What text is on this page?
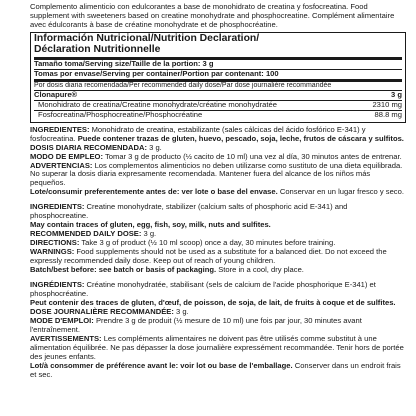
Complemento alimenticio con edulcorantes a base de monohidrato de creatina y fosfocreatina. Food supplement with sweeteners based on creatine monohydrate and phosphocreatine. Complément alimentaire avec édulcorants à base de créatine monohydrate et de phosphocréatine.

Información Nutricional/Nutrition Declaration/
Déclaration Nutritionnelle
Tamaño toma/Serving size/Taille de la portion: 3 g
Tomas por envase/Serving per container/Portion par contenant: 100
Por dosis diaria recomendada/Per recommended daily dose/Par dose journalière recommandée
Clonapure®	3 g
Monohidrato de creatina/Creatine monohydrate/créatine monohydratée	2310 mg
Fosfocreatina/Phosphocreatine/Phosphocréatine	88.8 mg

INGREDIENTES: Monohidrato de creatina, estabilizante (sales cálcicas del ácido fosfórico E-341) y fosfocreatina. Puede contener trazas de gluten, huevo, pescado, soja, leche, frutos de cáscara y sulfitos.

DOSIS DIARIA RECOMENDADA: 3 g.

MODO DE EMPLEO: Tomar 3 g de producto (½ cacito de 10 ml) una vez al día, 30 minutos antes de entrenar.

ADVERTENCIAS: Los complementos alimenticios no deben utilizarse como sustituto de una dieta equilibrada. No superar la dosis diaria expresamente recomendada. Mantener fuera del alcance de los niños más pequeños.

Lote/consumir preferentemente antes de: ver lote o base del envase. Conservar en un lugar fresco y seco.

INGREDIENTS: Creatine monohydrate, stabilizer (calcium salts of phosphoric acid E-341) and phosphocreatine.

May contain traces of gluten, egg, fish, soy, milk, nuts and sulfites.

RECOMMENDED DAILY DOSE: 3 g.

DIRECTIONS: Take 3 g of product (½ 10 ml scoop) once a day, 30 minutes before training.

WARNINGS: Food supplements should not be used as a substitute for a balanced diet. Do not exceed the expressly recommended daily dose. Keep out of reach of young children.

Batch/best before: see batch or basis of packaging. Store in a cool, dry place.

INGRÉDIENTS: Créatine monohydratée, stabilisant (sels de calcium de l'acide phosphorique E-341) et phosphocréatine.

Peut contenir des traces de gluten, d'œuf, de poisson, de soja, de lait, de fruits à coque et de sulfites.

DOSE JOURNALIÈRE RECOMMANDÉE: 3 g.

MODE D'EMPLOI: Prendre 3 g de produit (½ mesure de 10 ml) une fois par jour, 30 minutes avant l'entraînement.

AVERTISSEMENTS: Les compléments alimentaires ne doivent pas être utilisés comme substitut à une alimentation équilibrée. Ne pas dépasser la dose journalière expressément recommandée. Tenir hors de portée des jeunes enfants.

Lot/à consommer de préférence avant le: voir lot ou base de l'emballage. Conserver dans un endroit frais et sec.
